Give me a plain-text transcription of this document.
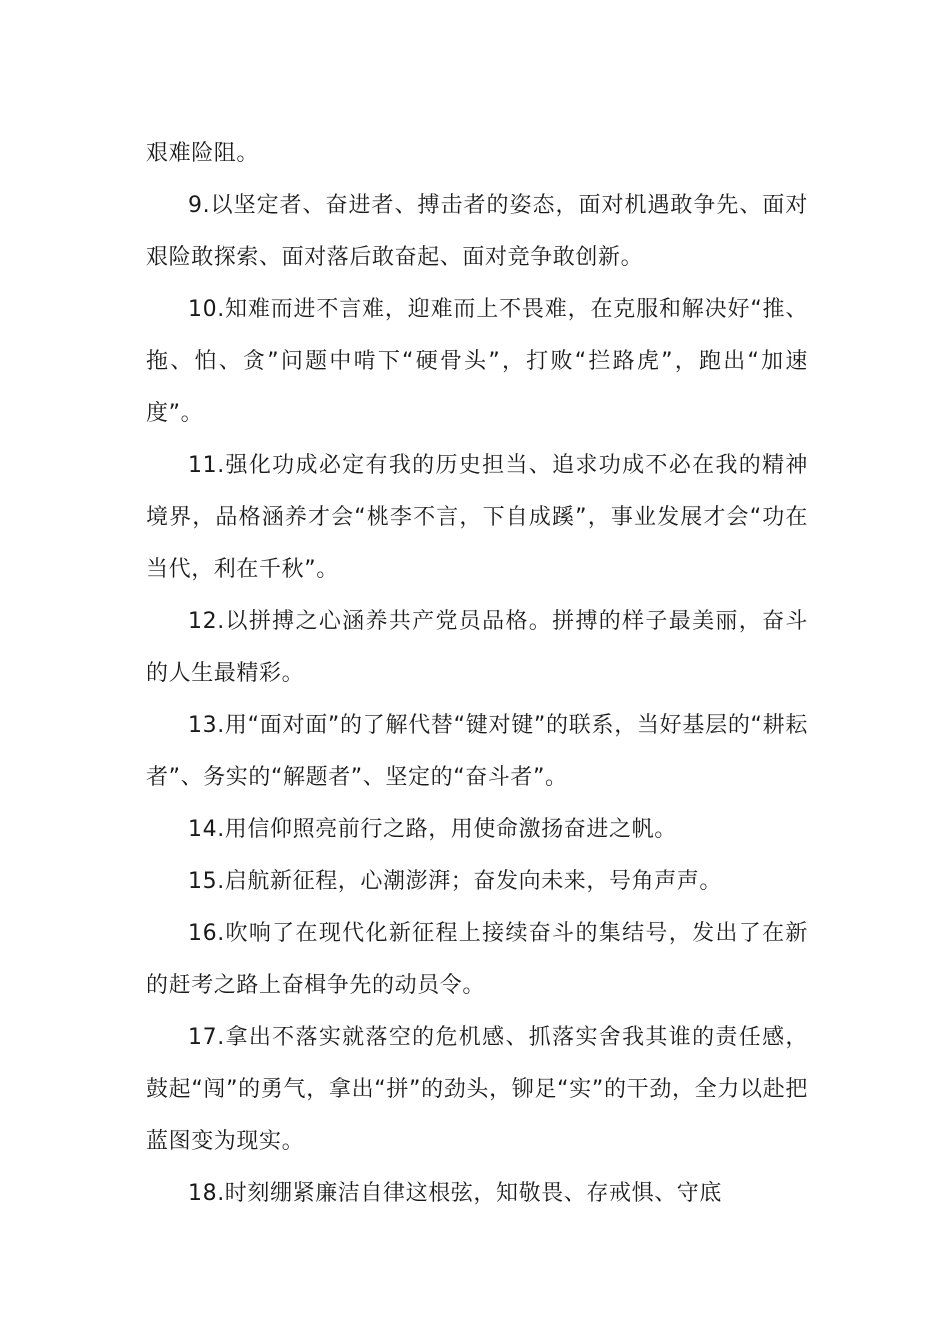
艰难险阻。

9.以坚定者、奋进者、搏击者的姿态，面对机遇敢争先、面对艰险敢探索、面对落后敢奋起、面对竞争敢创新。

10.知难而进不言难，迎难而上不畏难，在克服和解决好“推、拖、怕、贪”问题中啃下“硬骨头”，打败“拦路虎”，跑出“加速度”。

11.强化功成必定有我的历史担当、追求功成不必在我的精神境界，品格涵养才会“桃李不言，下自成蹊”，事业发展才会“功在当代，利在千秋”。

12.以拼搏之心涵养共产党员品格。拼搏的样子最美丽，奋斗的人生最精彩。

13.用“面对面”的了解代替“键对键”的联系，当好基层的“耕耘者”、务实的“解题者”、坚定的“奋斗者”。

14.用信仰照亮前行之路，用使命激扬奋进之帆。

15.启航新征程，心潮澎湃；奋发向未来，号角声声。

16.吹响了在现代化新征程上接续奋斗的集结号，发出了在新的赶考之路上奋楫争先的动员令。

17.拿出不落实就落空的危机感、抓落实舍我其谁的责任感，鼓起“闯”的勇气，拿出“拼”的劲头，铆足“实”的干劲，全力以赴把蓝图变为现实。

18.时刻绷紧廉洁自律这根弦，知敬畏、存戒惧、守底
